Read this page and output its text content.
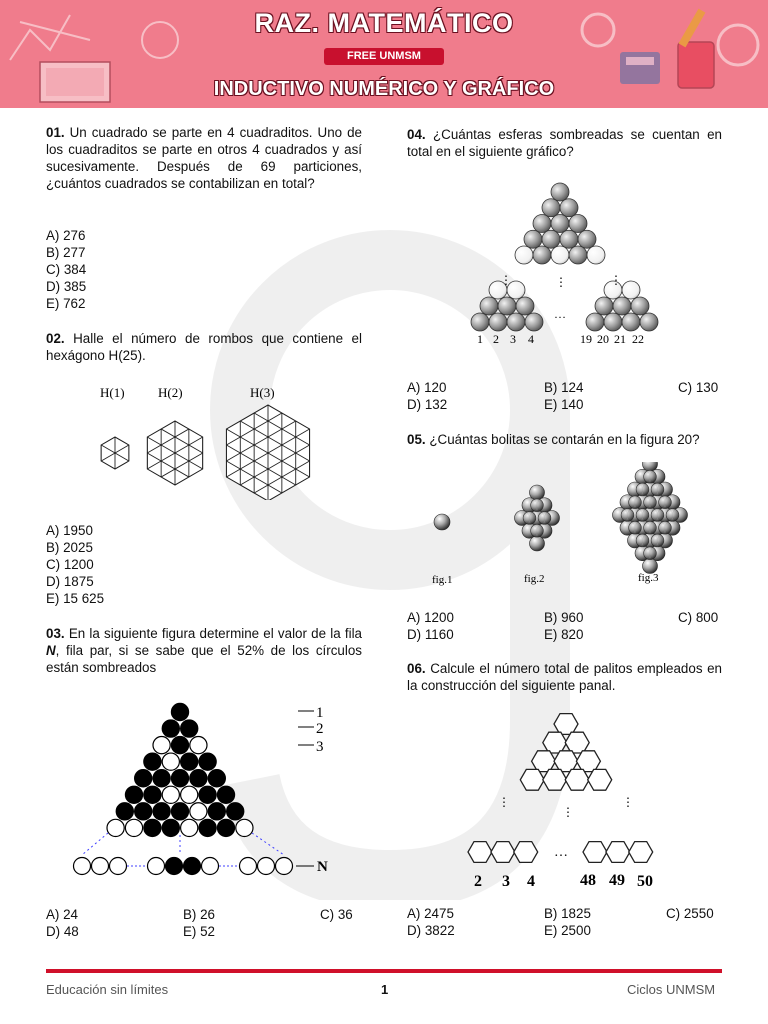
RAZ. MATEMÁTICO
FREE UNMSM
INDUCTIVO NUMÉRICO Y GRÁFICO
01. Un cuadrado se parte en 4 cuadraditos. Uno de los cuadraditos se parte en otros 4 cuadrados y así sucesivamente. Después de 69 particiones, ¿cuántos cuadrados se contabilizan en total?
A) 276
B) 277
C) 384
D) 385
E) 762
02. Halle el número de rombos que contiene el hexágono H(25).
H(1)	H(2)	H(3)
A) 1950
B) 2025
C) 1200
D) 1875
E) 15 625
03. En la siguiente figura determine el valor de la fila N, fila par, si se sabe que el 52% de los círculos están sombreados
1
2
3
N
A) 24	B) 26	C) 36
D) 48	E) 52
04. ¿Cuántas esferas sombreadas se cuentan en total en el siguiente gráfico?
⋮	⋮	⋮
…
1 2 3 4	19 20 21 22
A) 120	B) 124	C) 130
D) 132	E) 140
05. ¿Cuántas bolitas se contarán en la figura 20?
fig.1	fig.2	fig.3
A) 1200	B) 960	C) 800
D) 1160	E) 820
06. Calcule el número total de palitos empleados en la construcción del siguiente panal.
⋮
⋮
⋮
…
2 3 4	48 49 50
A) 2475	B) 1825	C) 2550
D) 3822	E) 2500
Educación sin límites	1	Ciclos UNMSM
